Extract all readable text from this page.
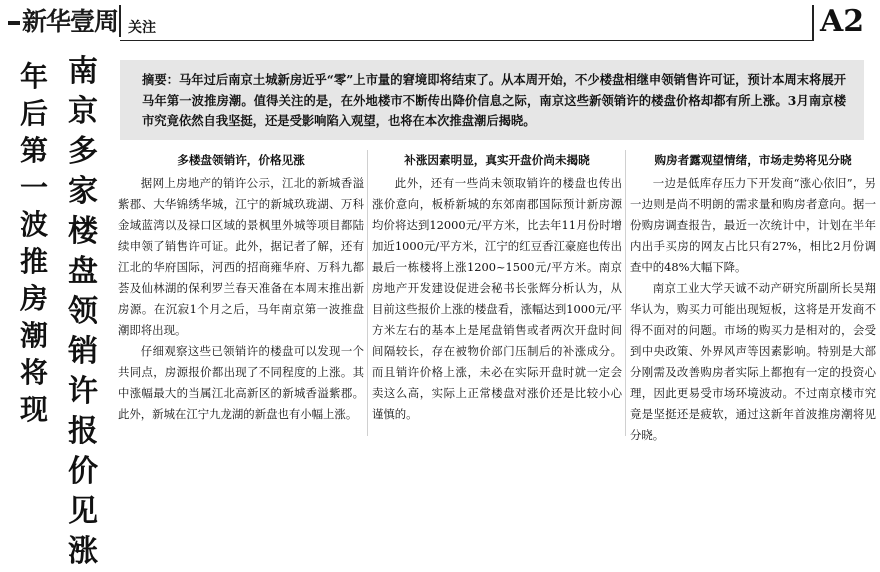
新华壹周 关注	A2
南
京
多
家
楼
盘
领
销
许
报
价
见
涨
年
后
第
一
波
推
房
潮
将
现
摘要：马年过后南京土城新房近乎“零”上市量的窘境即将结束了。从本周开始，不少楼盘相继申领销售许可证，预计本周末将展开马年第一波推房潮。值得关注的是，在外地楼市不断传出降价信息之际，南京这些新领销许的楼盘价格却都有所上涨。3月南京楼市究竟依然自我坚挺，还是受影响陷入观望，也将在本次推盘潮后揭晓。
多楼盘领销许，价格见涨

据网上房地产的销许公示，江北的新城香溢紫郡、大华锦绣华城，江宁的新城玖珑湖、万科金域蓝湾以及禄口区域的景枫里外城等项目都陆续申领了销售许可证。此外，据记者了解，还有江北的华府国际，河西的招商雍华府、万科九都荟及仙林湖的保利罗兰春天准备在本周末推出新房源。在沉寂1个月之后，马年南京第一波推盘潮即将出现。

仔细观察这些已领销许的楼盘可以发现一个共同点，房源报价都出现了不同程度的上涨。其中涨幅最大的当属江北高新区的新城香溢紫郡。此外，新城在江宁九龙湖的新盘也有小幅上涨。

补涨因素明显，真实开盘价尚未揭晓

此外，还有一些尚未领取销许的楼盘也传出涨价意向，板桥新城的东郊南郡国际预计新房源均价将达到12000元/平方米，比去年11月份时增加近1000元/平方米，江宁的红豆香江豪庭也传出最后一栋楼将上涨1200~1500元/平方米。南京房地产开发建设促进会秘书长张辉分析认为，从目前这些报价上涨的楼盘看，涨幅达到1000元/平方米左右的基本上是尾盘销售或者两次开盘时间间隔较长，存在被物价部门压制后的补涨成分。而且销许价格上涨，未必在实际开盘时就一定会卖这么高，实际上正常楼盘对涨价还是比较小心谨慎的。

购房者露观望情绪，市场走势将见分晓

一边是低库存压力下开发商“涨心依旧”，另一边则是尚不明朗的需求量和购房者意向。据一份购房调查报告，最近一次统计中，计划在半年内出手买房的网友占比只有27%，相比2月份调查中的48%大幅下降。

南京工业大学天诚不动产研究所副所长吴翔华认为，购买力可能出现短板，这将是开发商不得不面对的问题。市场的购买力是相对的，会受到中央政策、外界风声等因素影响。特别是大部分刚需及改善购房者实际上都抱有一定的投资心理，因此更易受市场环境波动。不过南京楼市究竟是坚挺还是疲软，通过这新年首波推房潮将见分晓。
